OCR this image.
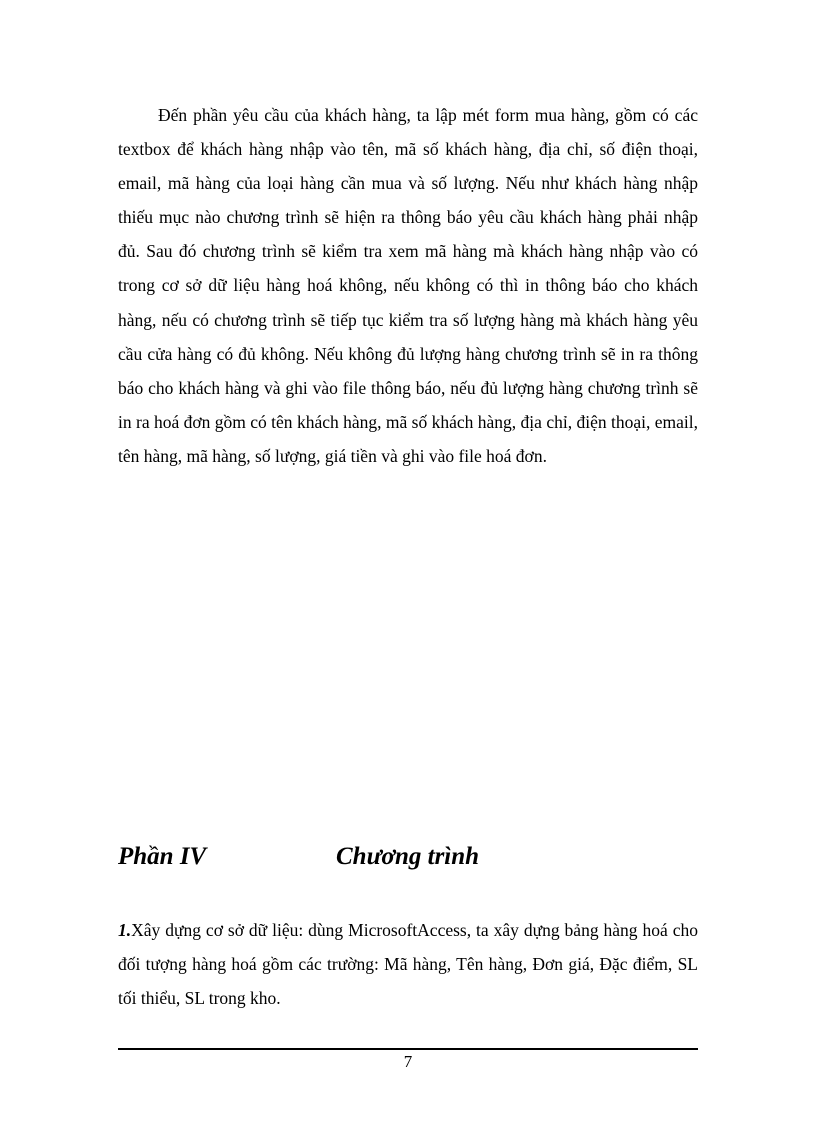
Đến phần yêu cầu của khách hàng, ta lập mét form mua hàng, gồm có các textbox để khách hàng nhập vào tên, mã số khách hàng, địa chỉ, số điện thoại, email, mã hàng của loại hàng cần mua và số lượng. Nếu như khách hàng nhập thiếu mục nào chương trình sẽ hiện ra thông báo yêu cầu khách hàng phải nhập đủ. Sau đó chương trình sẽ kiểm tra xem mã hàng mà khách hàng nhập vào có trong cơ sở dữ liệu hàng hoá không, nếu không có thì in thông báo cho khách hàng, nếu có chương trình sẽ tiếp tục kiểm tra số lượng hàng mà khách hàng yêu cầu cửa hàng có đủ không. Nếu không đủ lượng hàng chương trình sẽ in ra thông báo cho khách hàng và ghi vào file thông báo, nếu đủ lượng hàng chương trình sẽ in ra hoá đơn gồm có tên khách hàng, mã số khách hàng, địa chỉ, điện thoại, email, tên hàng, mã hàng, số lượng, giá tiền và ghi vào file hoá đơn.

Phần IV	Chương trình

1.Xây dựng cơ sở dữ liệu: dùng MicrosoftAccess, ta xây dựng bảng hàng hoá cho đối tượng hàng hoá gồm các trường: Mã hàng, Tên hàng, Đơn giá, Đặc điểm, SL tối thiểu, SL trong kho.

7
